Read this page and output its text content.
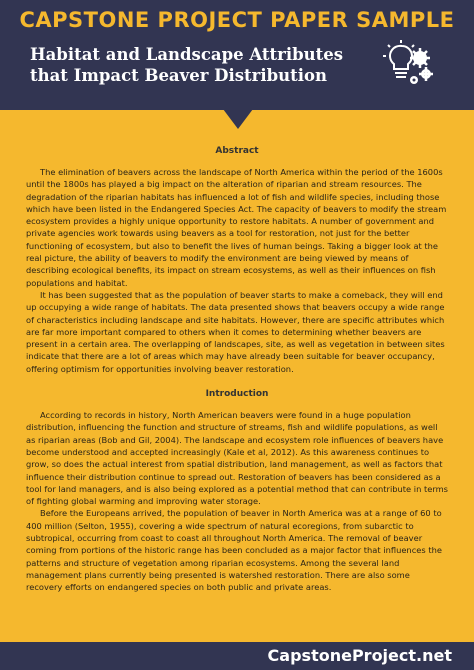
CAPSTONE PROJECT PAPER SAMPLE
Habitat and Landscape Attributes
that Impact Beaver Distribution
Abstract

The elimination of beavers across the landscape of North America within the period of the 1600s until the 1800s has played a big impact on the alteration of riparian and stream resources. The degradation of the riparian habitats has influenced a lot of fish and wildlife species, including those which have been listed in the Endangered Species Act. The capacity of beavers to modify the stream ecosystem provides a highly unique opportunity to restore habitats. A number of government and private agencies work towards using beavers as a tool for restoration, not just for the better functioning of ecosystem, but also to benefit the lives of human beings. Taking a bigger look at the real picture, the ability of beavers to modify the environment are being viewed by means of describing ecological benefits, its impact on stream ecosystems, as well as their influences on fish populations and habitat.

It has been suggested that as the population of beaver starts to make a comeback, they will end up occupying a wide range of habitats. The data presented shows that beavers occupy a wide range of characteristics including landscape and site habitats. However, there are specific attributes which are far more important compared to others when it comes to determining whether beavers are present in a certain area. The overlapping of landscapes, site, as well as vegetation in between sites indicate that there are a lot of areas which may have already been suitable for beaver occupancy, offering optimism for opportunities involving beaver restoration.

Introduction

According to records in history, North American beavers were found in a huge population distribution, influencing the function and structure of streams, fish and wildlife populations, as well as riparian areas (Bob and Gil, 2004). The landscape and ecosystem role influences of beavers have become understood and accepted increasingly (Kale et al, 2012). As this awareness continues to grow, so does the actual interest from spatial distribution, land management, as well as factors that influence their distribution continue to spread out. Restoration of beavers has been considered as a tool for land managers, and is also being explored as a potential method that can contribute in terms of fighting global warming and improving water storage.

Before the Europeans arrived, the population of beaver in North America was at a range of 60 to 400 million (Selton, 1955), covering a wide spectrum of natural ecoregions, from subarctic to subtropical, occurring from coast to coast all throughout North America. The removal of beaver coming from portions of the historic range has been concluded as a major factor that influences the patterns and structure of vegetation among riparian ecosystems. Among the several land management plans currently being presented is watershed restoration. There are also some recovery efforts on endangered species on both public and private areas.

CapstoneProject.net
